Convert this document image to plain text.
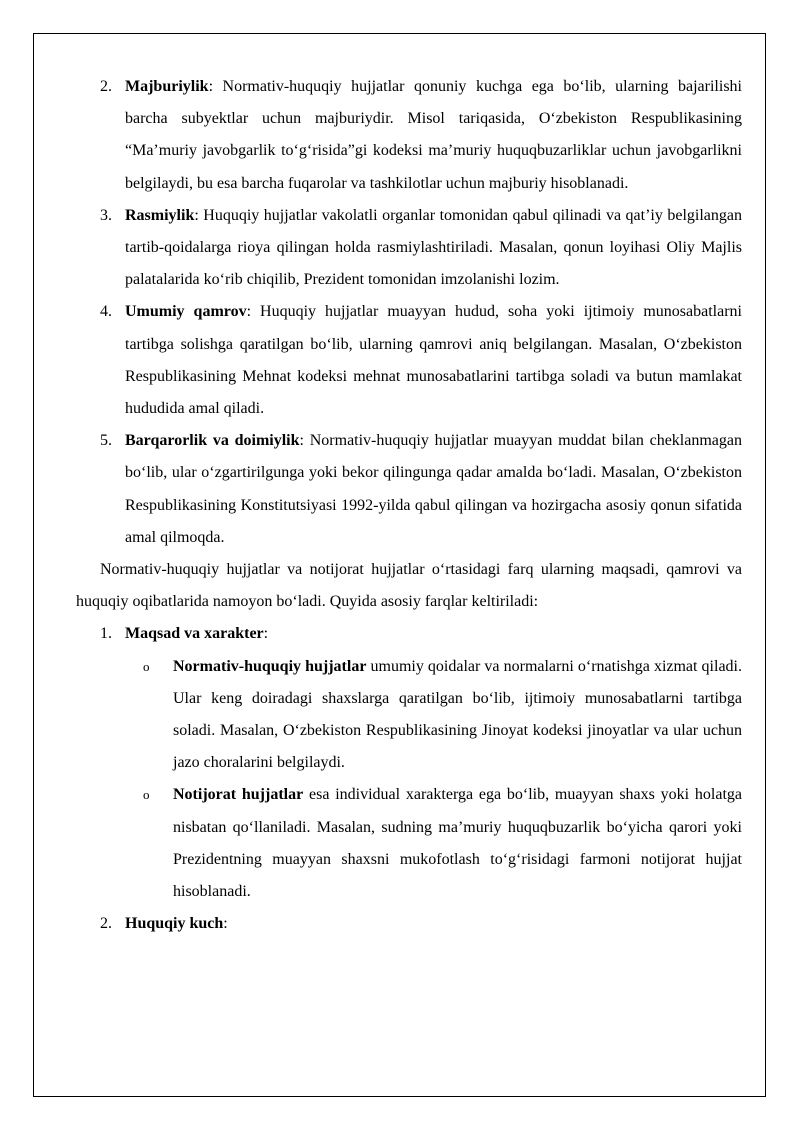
2. Majburiylik: Normativ-huquqiy hujjatlar qonuniy kuchga ega bo‘lib, ularning bajarilishi barcha subyektlar uchun majburiydir. Misol tariqasida, O‘zbekiston Respublikasining “Ma’muriy javobgarlik to‘g‘risida”gi kodeksi ma’muriy huquqbuzarliklar uchun javobgarlikni belgilaydi, bu esa barcha fuqarolar va tashkilotlar uchun majburiy hisoblanadi.
3. Rasmiylik: Huquqiy hujjatlar vakolatli organlar tomonidan qabul qilinadi va qat’iy belgilangan tartib-qoidalarga rioya qilingan holda rasmiylashtiriladi. Masalan, qonun loyihasi Oliy Majlis palatalarida ko‘rib chiqilib, Prezident tomonidan imzolanishi lozim.
4. Umumiy qamrov: Huquqiy hujjatlar muayyan hudud, soha yoki ijtimoiy munosabatlarni tartibga solishga qaratilgan bo‘lib, ularning qamrovi aniq belgilangan. Masalan, O‘zbekiston Respublikasining Mehnat kodeksi mehnat munosabatlarini tartibga soladi va butun mamlakat hududida amal qiladi.
5. Barqarorlik va doimiylik: Normativ-huquqiy hujjatlar muayyan muddat bilan cheklanmagan bo‘lib, ular o‘zgartirilgunga yoki bekor qilingunga qadar amalda bo‘ladi. Masalan, O‘zbekiston Respublikasining Konstitutsiyasi 1992-yilda qabul qilingan va hozirgacha asosiy qonun sifatida amal qilmoqda.
Normativ-huquqiy hujjatlar va notijorat hujjatlar o‘rtasidagi farq ularning maqsadi, qamrovi va huquqiy oqibatlarida namoyon bo‘ladi. Quyida asosiy farqlar keltiriladi:
1. Maqsad va xarakter:
o Normativ-huquqiy hujjatlar umumiy qoidalar va normalarni o‘rnatishga xizmat qiladi. Ular keng doiradagi shaxslarga qaratilgan bo‘lib, ijtimoiy munosabatlarni tartibga soladi. Masalan, O‘zbekiston Respublikasining Jinoyat kodeksi jinoyatlar va ular uchun jazo choralarini belgilaydi.
o Notijorat hujjatlar esa individual xarakterga ega bo‘lib, muayyan shaxs yoki holatga nisbatan qo‘llaniladi. Masalan, sudning ma’muriy huquqbuzarlik bo‘yicha qarori yoki Prezidentning muayyan shaxsni mukofotlash to‘g‘risidagi farmoni notijorat hujjat hisoblanadi.
2. Huquqiy kuch:
